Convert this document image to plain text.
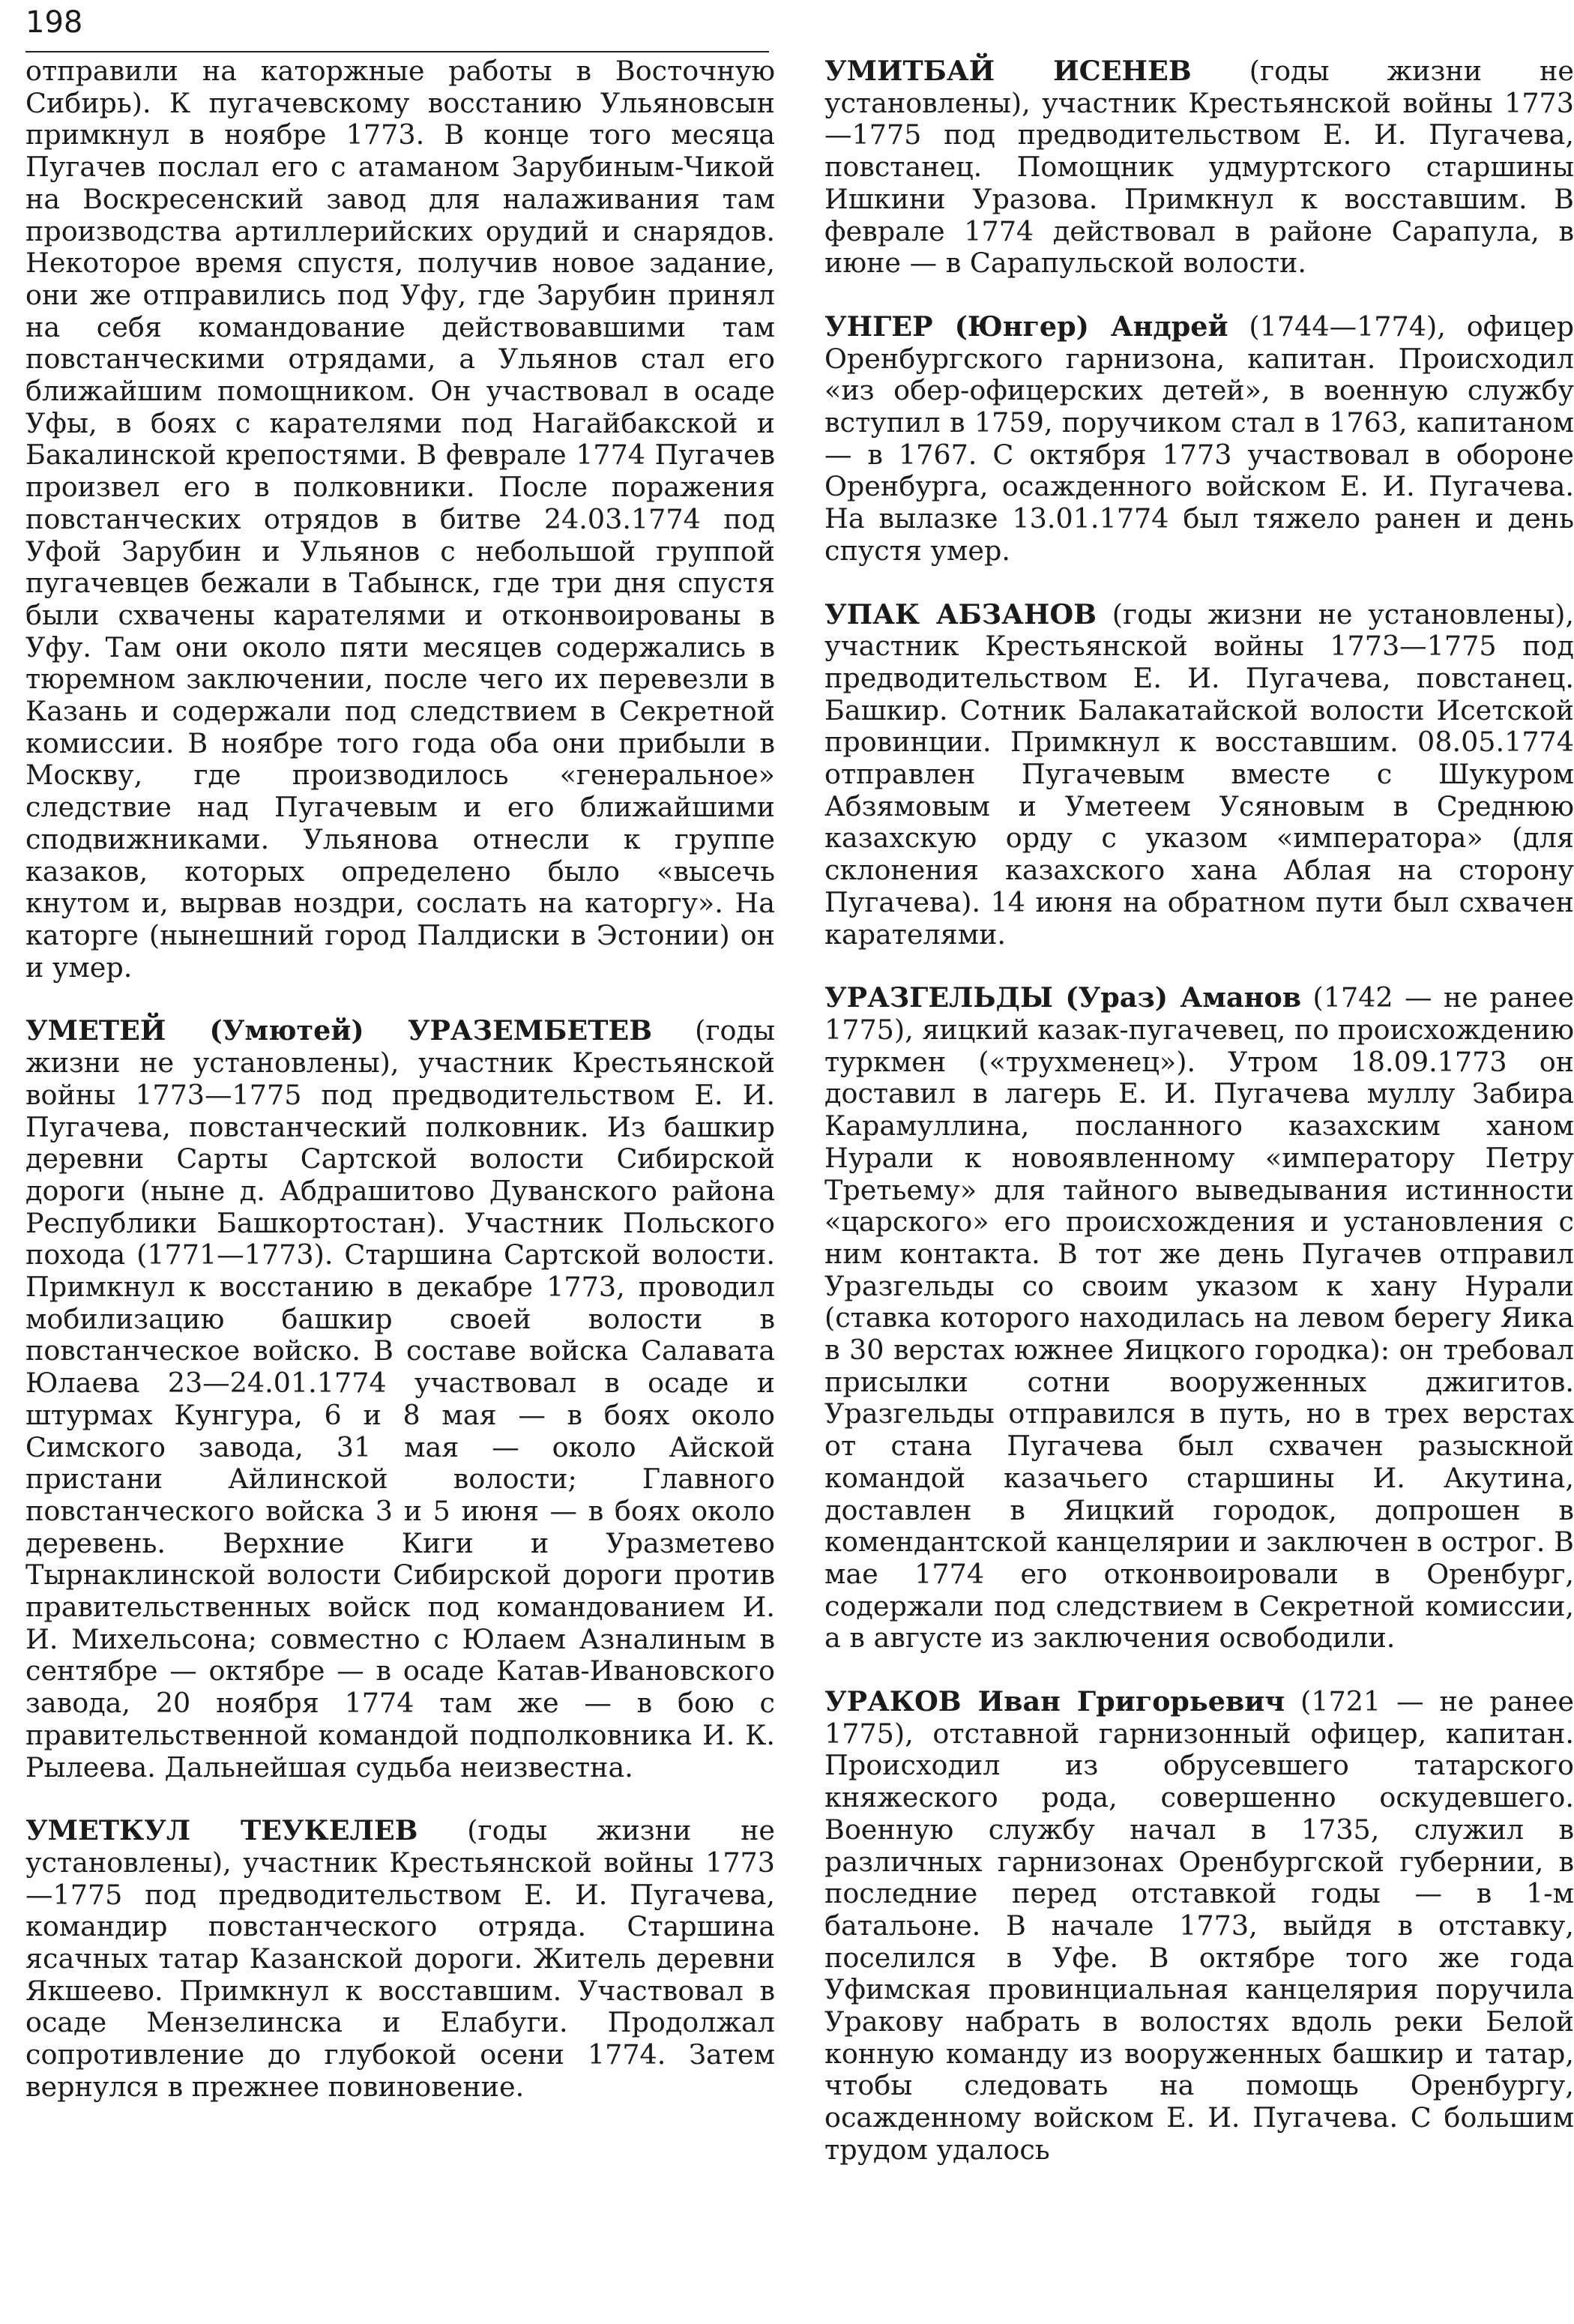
198

отправили на каторжные работы в Восточную Сибирь). К пугачевскому восстанию Ульяновсын примкнул в ноябре 1773. В конце того месяца Пугачев послал его с атаманом Зарубиным-Чикой на Воскресенский завод для налаживания там производства артиллерийских орудий и снарядов. Некоторое время спустя, получив новое задание, они же отправились под Уфу, где Зарубин принял на себя командование действовавшими там повстанческими отрядами, а Ульянов стал его ближайшим помощником. Он участвовал в осаде Уфы, в боях с карателями под Нагайбакской и Бакалинской крепостями. В феврале 1774 Пугачев произвел его в полковники. После поражения повстанческих отрядов в битве 24.03.1774 под Уфой Зарубин и Ульянов с небольшой группой пугачевцев бежали в Табынск, где три дня спустя были схвачены карателями и отконвоированы в Уфу. Там они около пяти месяцев содержались в тюремном заключении, после чего их перевезли в Казань и содержали под следствием в Секретной комиссии. В ноябре того года оба они прибыли в Москву, где производилось «генеральное» следствие над Пугачевым и его ближайшими сподвижниками. Ульянова отнесли к группе казаков, которых определено было «высечь кнутом и, вырвав ноздри, сослать на каторгу». На каторге (нынешний город Палдиски в Эстонии) он и умер.

УМЕТЕЙ (Умютей) УРАЗЕМБЕТЕВ (годы жизни не установлены), участник Крестьянской войны 1773—1775 под предводительством Е. И. Пугачева, повстанческий полковник. Из башкир деревни Сарты Сартской волости Сибирской дороги (ныне д. Абдрашитово Дуванского района Республики Башкортостан). Участник Польского похода (1771—1773). Старшина Сартской волости. Примкнул к восстанию в декабре 1773, проводил мобилизацию башкир своей волости в повстанческое войско. В составе войска Салавата Юлаева 23—24.01.1774 участвовал в осаде и штурмах Кунгура, 6 и 8 мая — в боях около Симского завода, 31 мая — около Айской пристани Айлинской волости; Главного повстанческого войска 3 и 5 июня — в боях около деревень. Верхние Киги и Уразметево Тырнаклинской волости Сибирской дороги против правительственных войск под командованием И. И. Михельсона; совместно с Юлаем Азналиным в сентябре — октябре — в осаде Катав-Ивановского завода, 20 ноября 1774 там же — в бою с правительственной командой подполковника И. К. Рылеева. Дальнейшая судьба неизвестна.

УМЕТКУЛ ТЕУКЕЛЕВ (годы жизни не установлены), участник Крестьянской войны 1773—1775 под предводительством Е. И. Пугачева, командир повстанческого отряда. Старшина ясачных татар Казанской дороги. Житель деревни Якшеево. Примкнул к восставшим. Участвовал в осаде Мензелинска и Елабуги. Продолжал сопротивление до глубокой осени 1774. Затем вернулся в прежнее повиновение.

УМИТБАЙ ИСЕНЕВ (годы жизни не установлены), участник Крестьянской войны 1773—1775 под предводительством Е. И. Пугачева, повстанец. Помощник удмуртского старшины Ишкини Уразова. Примкнул к восставшим. В феврале 1774 действовал в районе Сарапула, в июне — в Сарапульской волости.

УНГЕР (Юнгер) Андрей (1744—1774), офицер Оренбургского гарнизона, капитан. Происходил «из обер-офицерских детей», в военную службу вступил в 1759, поручиком стал в 1763, капитаном — в 1767. С октября 1773 участвовал в обороне Оренбурга, осажденного войском Е. И. Пугачева. На вылазке 13.01.1774 был тяжело ранен и день спустя умер.

УПАК АБЗАНОВ (годы жизни не установлены), участник Крестьянской войны 1773—1775 под предводительством Е. И. Пугачева, повстанец. Башкир. Сотник Балакатайской волости Исетской провинции. Примкнул к восставшим. 08.05.1774 отправлен Пугачевым вместе с Шукуром Абзямовым и Уметеем Усяновым в Среднюю казахскую орду с указом «императора» (для склонения казахского хана Аблая на сторону Пугачева). 14 июня на обратном пути был схвачен карателями.

УРАЗГЕЛЬДЫ (Ураз) Аманов (1742 — не ранее 1775), яицкий казак-пугачевец, по происхождению туркмен («трухменец»). Утром 18.09.1773 он доставил в лагерь Е. И. Пугачева муллу Забира Карамуллина, посланного казахским ханом Нурали к новоявленному «императору Петру Третьему» для тайного выведывания истинности «царского» его происхождения и установления с ним контакта. В тот же день Пугачев отправил Уразгельды со своим указом к хану Нурали (ставка которого находилась на левом берегу Яика в 30 верстах южнее Яицкого городка): он требовал присылки сотни вооруженных джигитов. Уразгельды отправился в путь, но в трех верстах от стана Пугачева был схвачен разыскной командой казачьего старшины И. Акутина, доставлен в Яицкий городок, допрошен в комендантской канцелярии и заключен в острог. В мае 1774 его отконвоировали в Оренбург, содержали под следствием в Секретной комиссии, а в августе из заключения освободили.

УРАКОВ Иван Григорьевич (1721 — не ранее 1775), отставной гарнизонный офицер, капитан. Происходил из обрусевшего татарского княжеского рода, совершенно оскудевшего. Военную службу начал в 1735, служил в различных гарнизонах Оренбургской губернии, в последние перед отставкой годы — в 1-м батальоне. В начале 1773, выйдя в отставку, поселился в Уфе. В октябре того же года Уфимская провинциальная канцелярия поручила Уракову набрать в волостях вдоль реки Белой конную команду из вооруженных башкир и татар, чтобы следовать на помощь Оренбургу, осажденному войском Е. И. Пугачева. С большим трудом удалось
